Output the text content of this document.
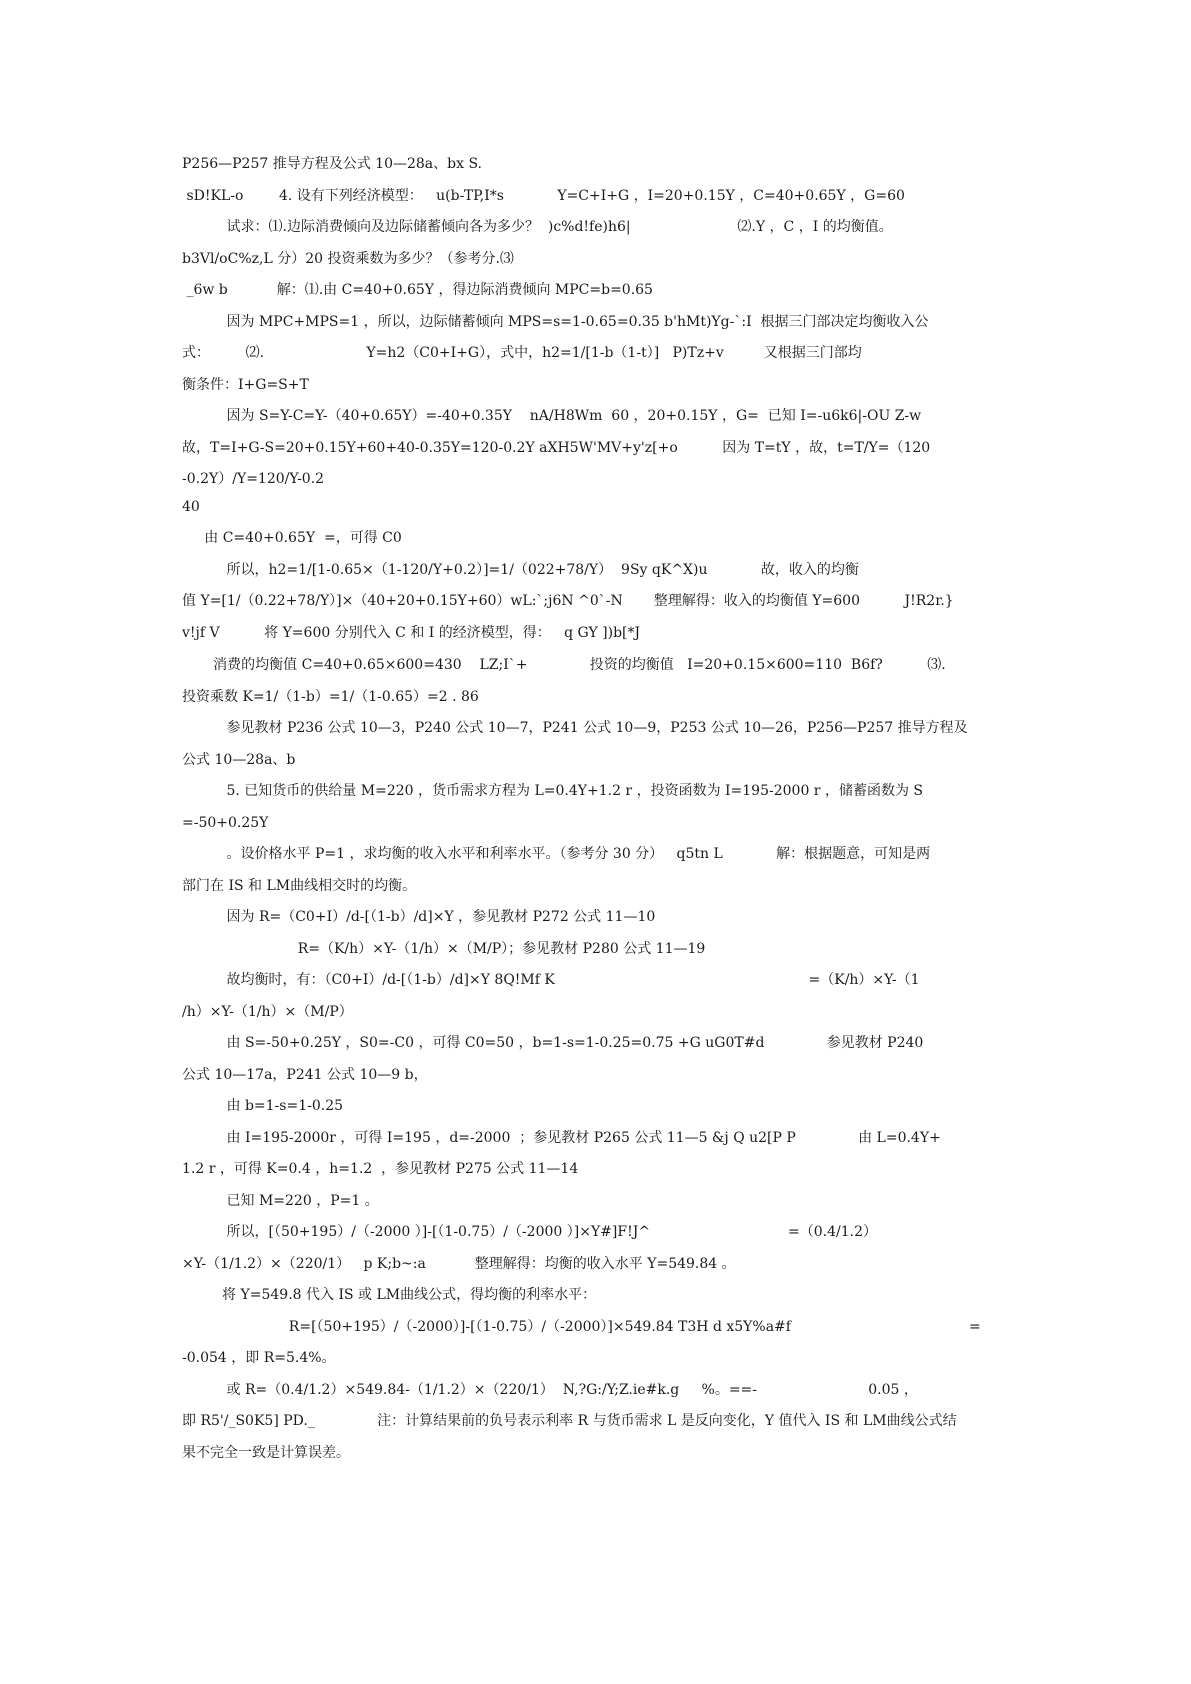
P256—P257 推导方程及公式 10—28a、bx S.
sD!KL-o        4. 设有下列经济模型：   u(b-TP,I*s            Y=C+I+G ，I=20+0.15Y ，C=40+0.65Y ，G=60
试求：⑴.边际消费倾向及边际储蓄倾向各为多少？  )c%d!fe)h6|                        ⑵.Y ，C ，I 的均衡值。
b3Vl/oC%z,L 分）20 投资乘数为多少？（参考分.⑶
_6w b           解：⑴.由 C=40+0.65Y ，得边际消费倾向 MPC=b=0.65
因为 MPC+MPS=1 ，所以，边际储蓄倾向 MPS=s=1-0.65=0.35 b'hMt)Yg-`:I  根据三门部决定均衡收入公
式：        ⑵.                       Y=h2（C0+I+G），式中，h2=1/[1-b（1-t）]   P)Tz+v         又根据三门部均
衡条件：I+G=S+T
因为 S=Y-C=Y-（40+0.65Y）=-40+0.35Y    nA/H8Wm  60 ，20+0.15Y ，G=  已知 I=-u6k6|-OU Z-w
故，T=I+G-S=20+0.15Y+60+40-0.35Y=120-0.2Y aXH5W'MV+y'z[+o          因为 T=tY ，故，t=T/Y=（120
-0.2Y）/Y=120/Y-0.2
40
由 C=40+0.65Y  =，可得 C0
所以，h2=1/[1-0.65×（1-120/Y+0.2）]=1/（022+78/Y）  9Sy qK^X)u            故，收入的均衡
值 Y=[1/（0.22+78/Y）]×（40+20+0.15Y+60）wL:`;j6N ^0`-N       整理解得：收入的均衡值 Y=600          J!R2r.}
v!jf V          将 Y=600 分别代入 C 和 I 的经济模型，得：   q GY ])b[*J
消费的均衡值 C=40+0.65×600=430    LZ;I`+              投资的均衡值   I=20+0.15×600=110  B6f?          ⑶.
投资乘数 K=1/（1-b）=1/（1-0.65）=2 . 86
参见教材 P236 公式 10—3，P240 公式 10—7，P241 公式 10—9，P253 公式 10—26，P256—P257 推导方程及
公式 10—28a、b
5. 已知货币的供给量 M=220 ，货币需求方程为 L=0.4Y+1.2 r ，投资函数为 I=195-2000 r ，储蓄函数为 S
=-50+0.25Y
。设价格水平 P=1 ，求均衡的收入水平和利率水平。（参考分 30 分）   q5tn L            解：根据题意，可知是两
部门在 IS 和 LM曲线相交时的均衡。
因为 R=（C0+I）/d-[（1-b）/d]×Y ，参见教材 P272 公式 11—10
R=（K/h）×Y-（1/h）×（M/P）；参见教材 P280 公式 11—19
故均衡时，有：（C0+I）/d-[（1-b）/d]×Y 8Q!Mf K                                                         =（K/h）×Y-（1
/h）×Y-（1/h）×（M/P）
由 S=-50+0.25Y ，S0=-C0 ，可得 C0=50 ，b=1-s=1-0.25=0.75 +G uG0T#d              参见教材 P240
公式 10—17a，P241 公式 10—9 b，
由 b=1-s=1-0.25
由 I=195-2000r ，可得 I=195 ，d=-2000  ；参见教材 P265 公式 11—5 &j Q u2[P P              由 L=0.4Y+
1.2 r ，可得 K=0.4 ，h=1.2  ，参见教材 P275 公式 11—14
已知 M=220 ，P=1 。
所以，[（50+195）/（-2000 ）]-[（1-0.75）/（-2000 ）]×Y#]F!J^                               =（0.4/1.2）
×Y-（1/1.2）×（220/1）   p K;b~:a           整理解得：均衡的收入水平 Y=549.84 。
将 Y=549.8 代入 IS 或 LM曲线公式，得均衡的利率水平：
R=[（50+195）/（-2000）]-[（1-0.75）/（-2000）]×549.84 T3H d x5Y%a#f                                        =
-0.054 ，即 R=5.4%。
或 R=（0.4/1.2）×549.84-（1/1.2）×（220/1）  N,?G:/Y;Z.ie#k.g     %。==-                         0.05 ，
即 R5'/_S0K5] PD._              注：计算结果前的负号表示利率 R 与货币需求 L 是反向变化，Y 值代入 IS 和 LM曲线公式结
果不完全一致是计算误差。
